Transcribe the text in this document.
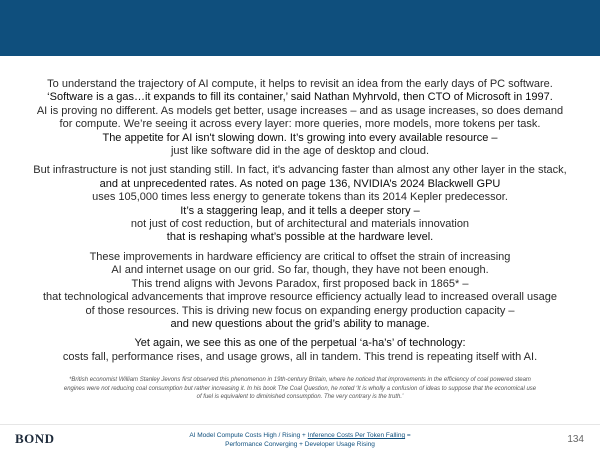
To understand the trajectory of AI compute, it helps to revisit an idea from the early days of PC software.
‘Software is a gas…it expands to fill its container,’ said Nathan Myhrvold, then CTO of Microsoft in 1997.
AI is proving no different. As models get better, usage increases – and as usage increases, so does demand
for compute. We’re seeing it across every layer: more queries, more models, more tokens per task.
The appetite for AI isn't slowing down. It’s growing into every available resource –
just like software did in the age of desktop and cloud.
But infrastructure is not just standing still. In fact, it's advancing faster than almost any other layer in the stack,
and at unprecedented rates. As noted on page 136, NVIDIA’s 2024 Blackwell GPU
uses 105,000 times less energy to generate tokens than its 2014 Kepler predecessor.
It’s a staggering leap, and it tells a deeper story –
not just of cost reduction, but of architectural and materials innovation
that is reshaping what’s possible at the hardware level.
These improvements in hardware efficiency are critical to offset the strain of increasing
AI and internet usage on our grid. So far, though, they have not been enough.
This trend aligns with Jevons Paradox, first proposed back in 1865* –
that technological advancements that improve resource efficiency actually lead to increased overall usage
of those resources. This is driving new focus on expanding energy production capacity –
and new questions about the grid’s ability to manage.
Yet again, we see this as one of the perpetual ‘a-ha’s’ of technology:
costs fall, performance rises, and usage grows, all in tandem. This trend is repeating itself with AI.
*British economist William Stanley Jevons first observed this phenomenon in 19th-century Britain, where he noticed that improvements in the efficiency of coal powered steam
engines were not reducing coal consumption but rather increasing it. In his book The Coal Question, he noted ‘It is wholly a confusion of ideas to suppose that the economical use
of fuel is equivalent to diminished consumption. The very contrary is the truth.’
BOND	AI Model Compute Costs High / Rising + Inference Costs Per Token Falling =
Performance Converging + Developer Usage Rising	134
